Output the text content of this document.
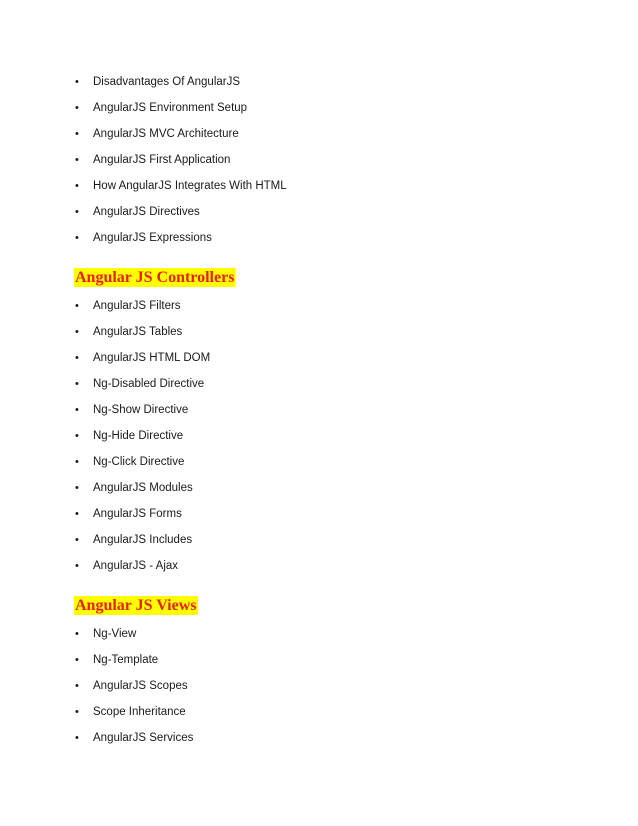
• Disadvantages Of AngularJS
• AngularJS Environment Setup
• AngularJS MVC Architecture
• AngularJS First Application
• How AngularJS Integrates With HTML
• AngularJS Directives
• AngularJS Expressions
Angular JS Controllers
• AngularJS Filters
• AngularJS Tables
• AngularJS HTML DOM
• Ng-Disabled Directive
• Ng-Show Directive
• Ng-Hide Directive
• Ng-Click Directive
• AngularJS Modules
• AngularJS Forms
• AngularJS Includes
• AngularJS - Ajax
Angular JS Views
• Ng-View
• Ng-Template
• AngularJS Scopes
• Scope Inheritance
• AngularJS Services
